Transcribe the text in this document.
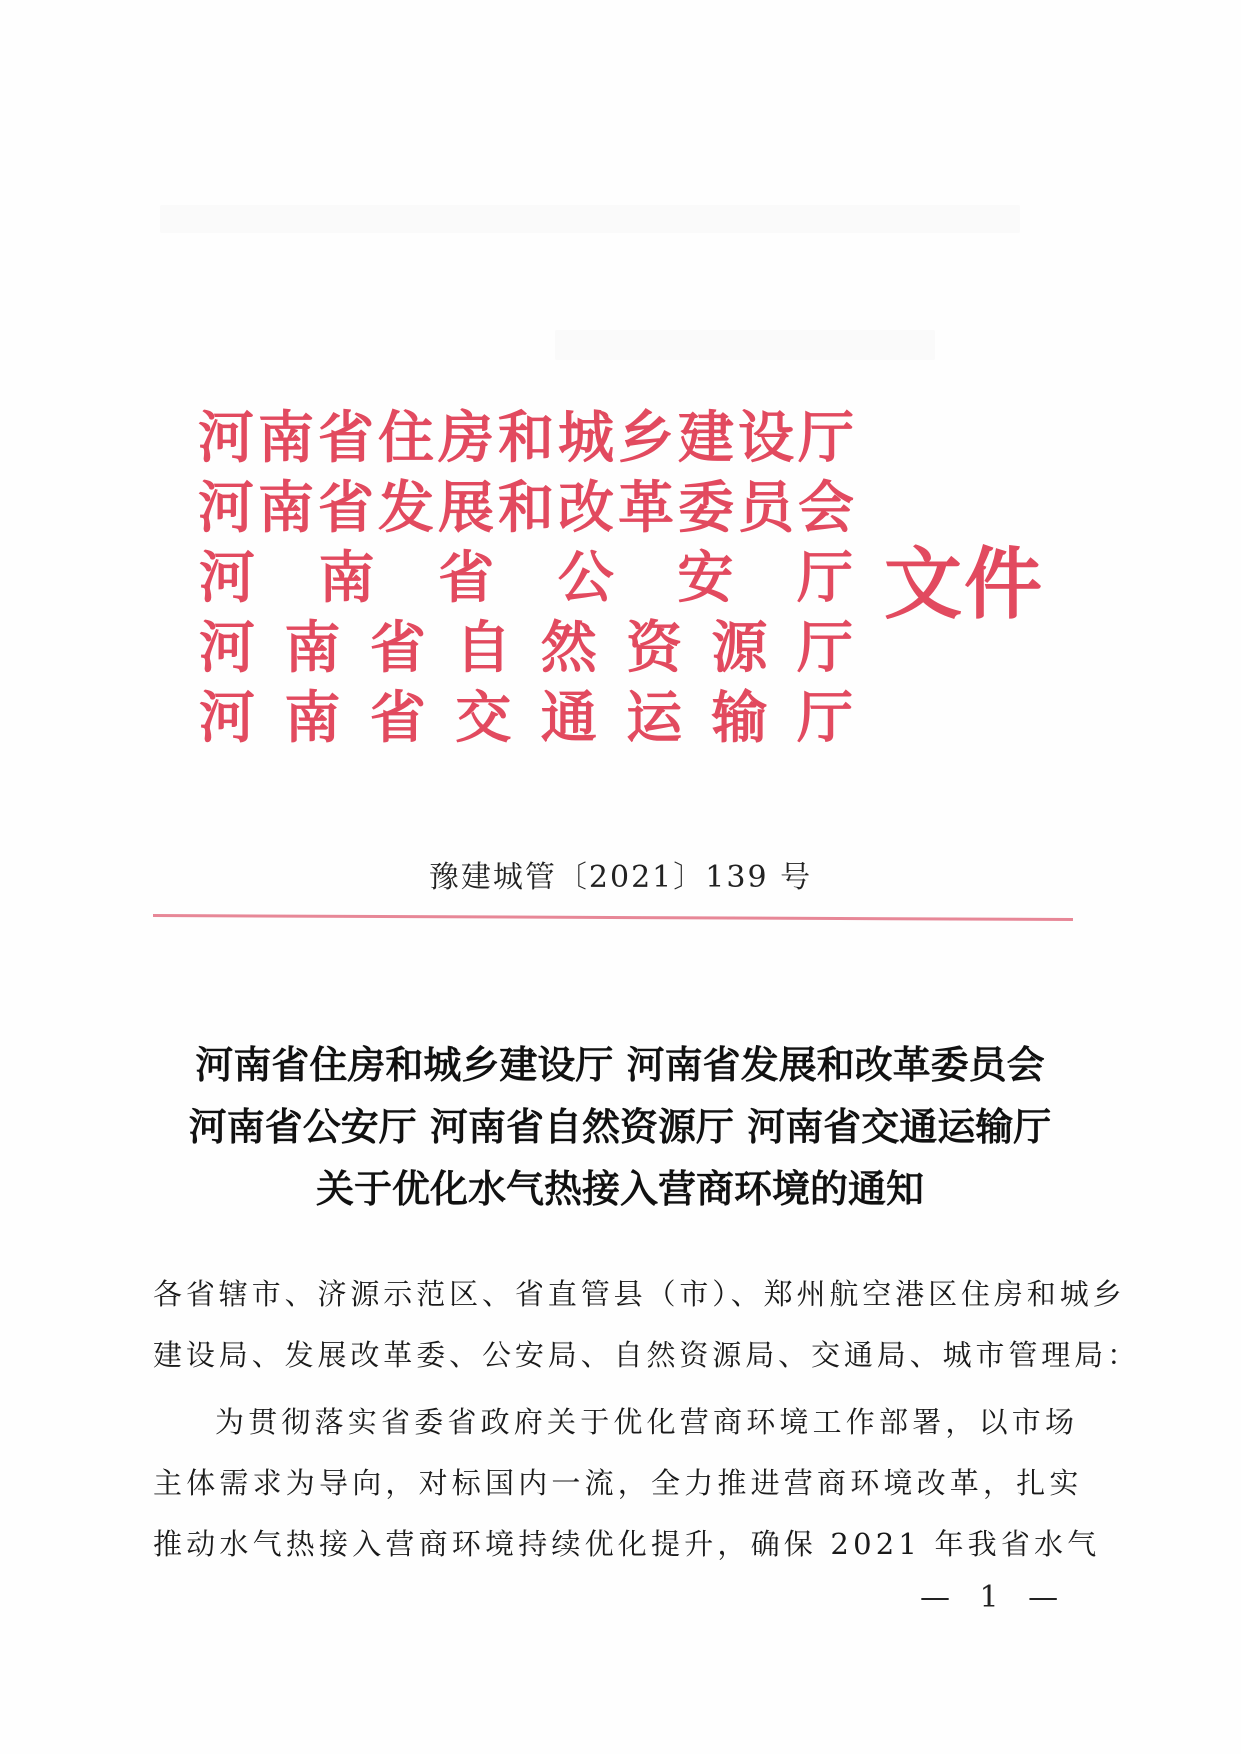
河 南 省 住 房 和 城 乡 建 设 厅
河 南 省 发 展 和 改 革 委 员 会
河 南 省 公 安 厅
河 南 省 自 然 资 源 厅
河 南 省 交 通 运 输 厅
文件
豫建城管〔2021〕139 号
河南省住房和城乡建设厅 河南省发展和改革委员会
河南省公安厅 河南省自然资源厅 河南省交通运输厅
关于优化水气热接入营商环境的通知
各省辖市、济源示范区、省直管县（市）、郑州航空港区住房和城乡
建设局、发展改革委、公安局、自然资源局、交通局、城市管理局：
为贯彻落实省委省政府关于优化营商环境工作部署，以市场
主体需求为导向，对标国内一流，全力推进营商环境改革，扎实
推动水气热接入营商环境持续优化提升，确保 2021 年我省水气
— 1 —
